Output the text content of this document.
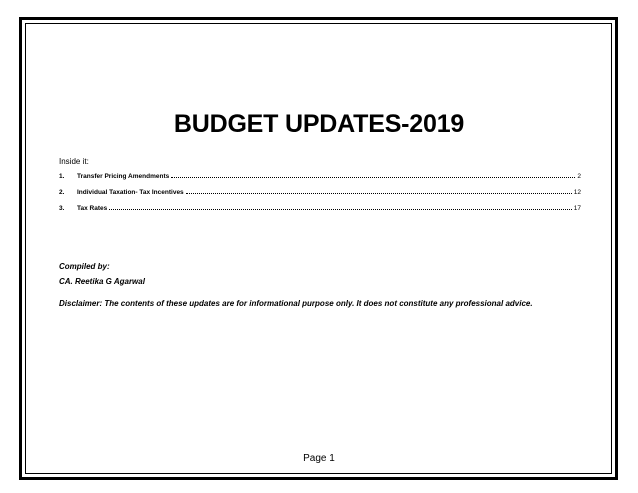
BUDGET UPDATES-2019
Inside it:
1.	Transfer Pricing Amendments	2
2.	Individual Taxation- Tax Incentives	12
3.	Tax Rates	17
Compiled by:
CA. Reetika G Agarwal
Disclaimer: The contents of these updates are for informational purpose only. It does not constitute any professional advice.
Page 1
